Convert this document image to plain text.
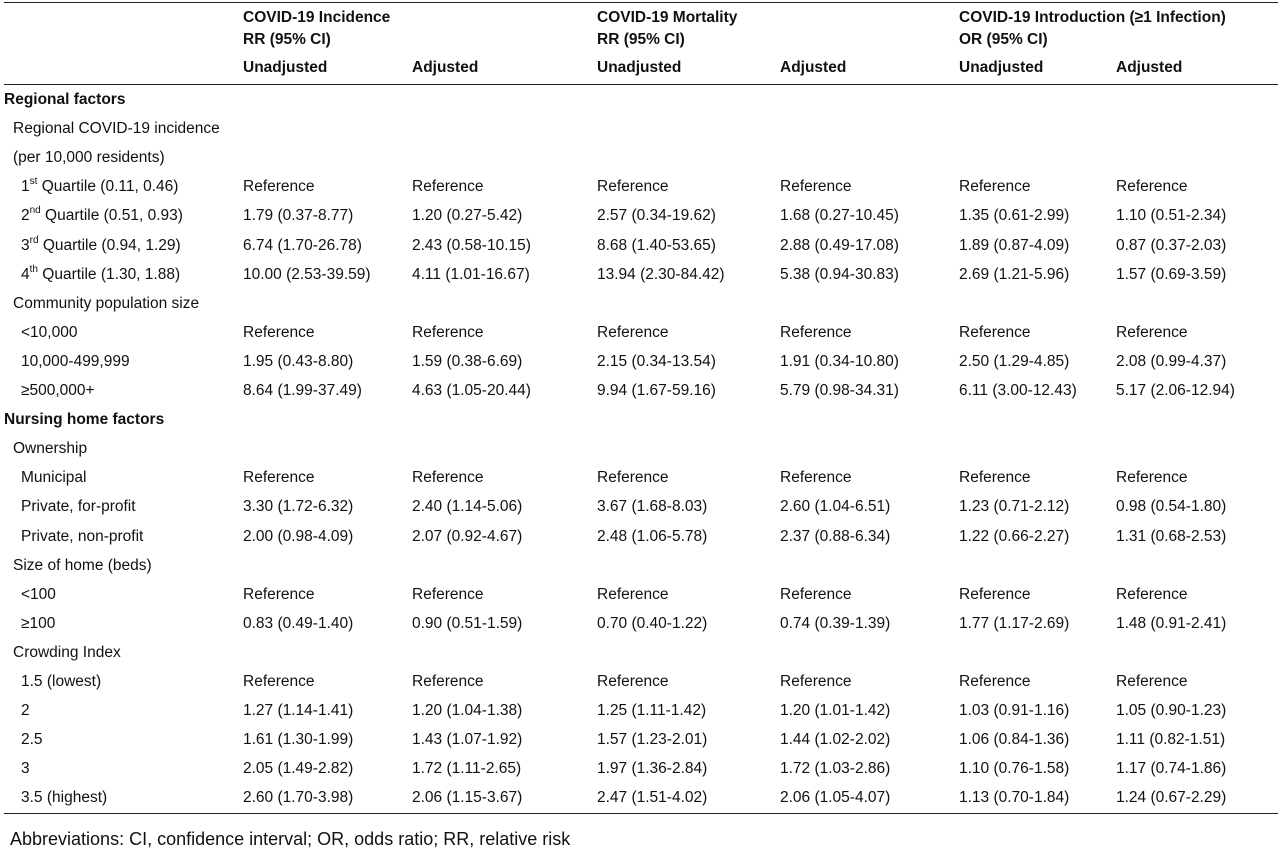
COVID-19 Incidence
RR (95% CI)
COVID-19 Mortality
RR (95% CI)
COVID-19 Introduction (≥1 Infection)
OR (95% CI)
Unadjusted	Adjusted	Unadjusted	Adjusted	Unadjusted	Adjusted
Regional factors
Regional COVID-19 incidence
(per 10,000 residents)
1st Quartile (0.11, 0.46)	Reference	Reference	Reference	Reference	Reference	Reference
2nd Quartile (0.51, 0.93)	1.79 (0.37-8.77)	1.20 (0.27-5.42)	2.57 (0.34-19.62)	1.68 (0.27-10.45)	1.35 (0.61-2.99)	1.10 (0.51-2.34)
3rd Quartile (0.94, 1.29)	6.74 (1.70-26.78)	2.43 (0.58-10.15)	8.68 (1.40-53.65)	2.88 (0.49-17.08)	1.89 (0.87-4.09)	0.87 (0.37-2.03)
4th Quartile (1.30, 1.88)	10.00 (2.53-39.59)	4.11 (1.01-16.67)	13.94 (2.30-84.42)	5.38 (0.94-30.83)	2.69 (1.21-5.96)	1.57 (0.69-3.59)
Community population size
<10,000	Reference	Reference	Reference	Reference	Reference	Reference
10,000-499,999	1.95 (0.43-8.80)	1.59 (0.38-6.69)	2.15 (0.34-13.54)	1.91 (0.34-10.80)	2.50 (1.29-4.85)	2.08 (0.99-4.37)
≥500,000+	8.64 (1.99-37.49)	4.63 (1.05-20.44)	9.94 (1.67-59.16)	5.79 (0.98-34.31)	6.11 (3.00-12.43)	5.17 (2.06-12.94)
Nursing home factors
Ownership
Municipal	Reference	Reference	Reference	Reference	Reference	Reference
Private, for-profit	3.30 (1.72-6.32)	2.40 (1.14-5.06)	3.67 (1.68-8.03)	2.60 (1.04-6.51)	1.23 (0.71-2.12)	0.98 (0.54-1.80)
Private, non-profit	2.00 (0.98-4.09)	2.07 (0.92-4.67)	2.48 (1.06-5.78)	2.37 (0.88-6.34)	1.22 (0.66-2.27)	1.31 (0.68-2.53)
Size of home (beds)
<100	Reference	Reference	Reference	Reference	Reference	Reference
≥100	0.83 (0.49-1.40)	0.90 (0.51-1.59)	0.70 (0.40-1.22)	0.74 (0.39-1.39)	1.77 (1.17-2.69)	1.48 (0.91-2.41)
Crowding Index
1.5 (lowest)	Reference	Reference	Reference	Reference	Reference	Reference
2	1.27 (1.14-1.41)	1.20 (1.04-1.38)	1.25 (1.11-1.42)	1.20 (1.01-1.42)	1.03 (0.91-1.16)	1.05 (0.90-1.23)
2.5	1.61 (1.30-1.99)	1.43 (1.07-1.92)	1.57 (1.23-2.01)	1.44 (1.02-2.02)	1.06 (0.84-1.36)	1.11 (0.82-1.51)
3	2.05 (1.49-2.82)	1.72 (1.11-2.65)	1.97 (1.36-2.84)	1.72 (1.03-2.86)	1.10 (0.76-1.58)	1.17 (0.74-1.86)
3.5 (highest)	2.60 (1.70-3.98)	2.06 (1.15-3.67)	2.47 (1.51-4.02)	2.06 (1.05-4.07)	1.13 (0.70-1.84)	1.24 (0.67-2.29)
Abbreviations: CI, confidence interval; OR, odds ratio; RR, relative risk
